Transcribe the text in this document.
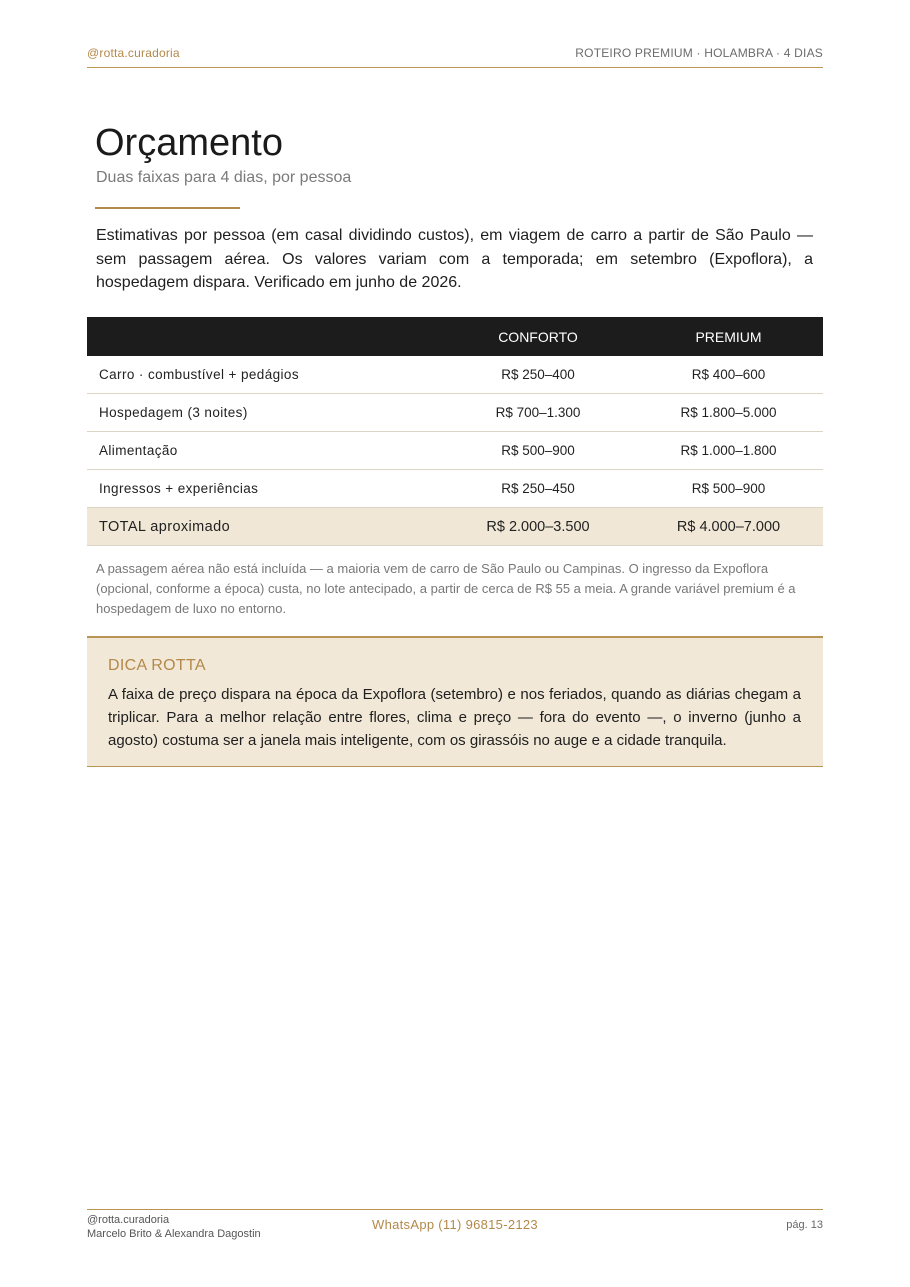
@rotta.curadoria	ROTEIRO PREMIUM · HOLAMBRA · 4 DIAS
Orçamento
Duas faixas para 4 dias, por pessoa

Estimativas por pessoa (em casal dividindo custos), em viagem de carro a partir de São Paulo — sem passagem aérea. Os valores variam com a temporada; em setembro (Expoflora), a hospedagem dispara. Verificado em junho de 2026.

	CONFORTO	PREMIUM
Carro · combustível + pedágios	R$ 250–400	R$ 400–600
Hospedagem (3 noites)	R$ 700–1.300	R$ 1.800–5.000
Alimentação	R$ 500–900	R$ 1.000–1.800
Ingressos + experiências	R$ 250–450	R$ 500–900
TOTAL aproximado	R$ 2.000–3.500	R$ 4.000–7.000

A passagem aérea não está incluída — a maioria vem de carro de São Paulo ou Campinas. O ingresso da Expoflora (opcional, conforme a época) custa, no lote antecipado, a partir de cerca de R$ 55 a meia. A grande variável premium é a hospedagem de luxo no entorno.

DICA ROTTA

A faixa de preço dispara na época da Expoflora (setembro) e nos feriados, quando as diárias chegam a triplicar. Para a melhor relação entre flores, clima e preço — fora do evento —, o inverno (junho a agosto) costuma ser a janela mais inteligente, com os girassóis no auge e a cidade tranquila.

@rotta.curadoria
Marcelo Brito & Alexandra Dagostin
WhatsApp (11) 96815-2123	pág. 13
